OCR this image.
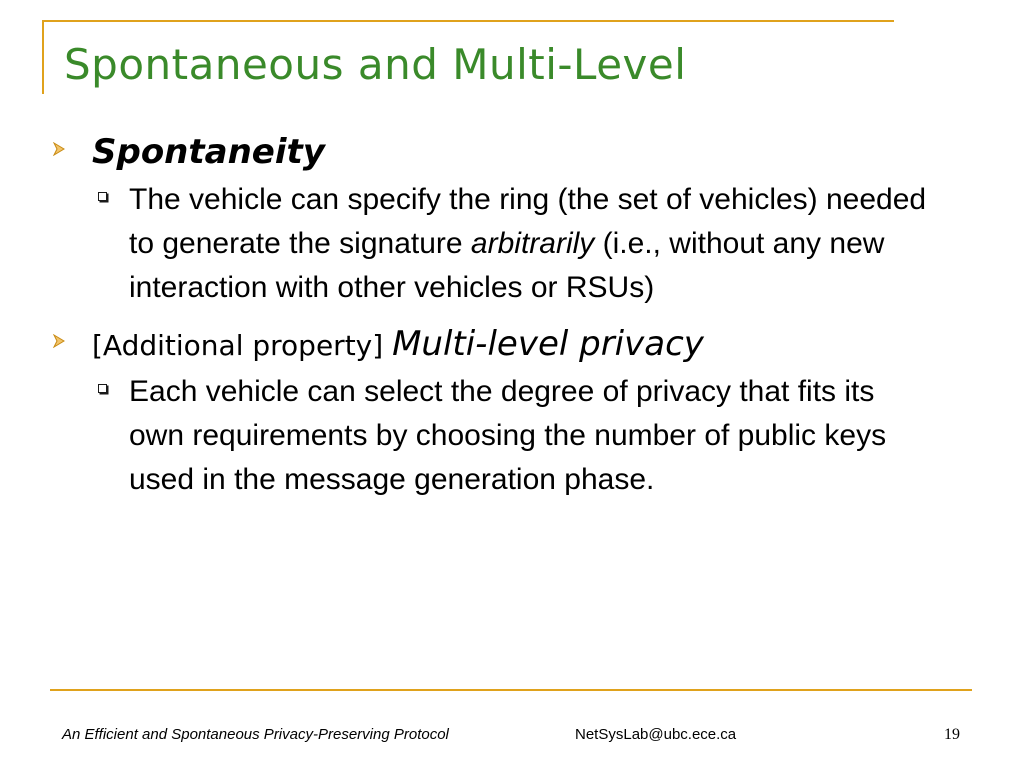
Spontaneous and Multi-Level
Spontaneity
The vehicle can specify the ring (the set of vehicles) needed to generate the signature arbitrarily (i.e., without any new interaction with other vehicles or RSUs)
[Additional property] Multi-level privacy
Each vehicle can select the degree of privacy that fits its own requirements by choosing the number of public keys used in the message generation phase.
An Efficient and Spontaneous Privacy-Preserving Protocol	NetSysLab@ubc.ece.ca	19
